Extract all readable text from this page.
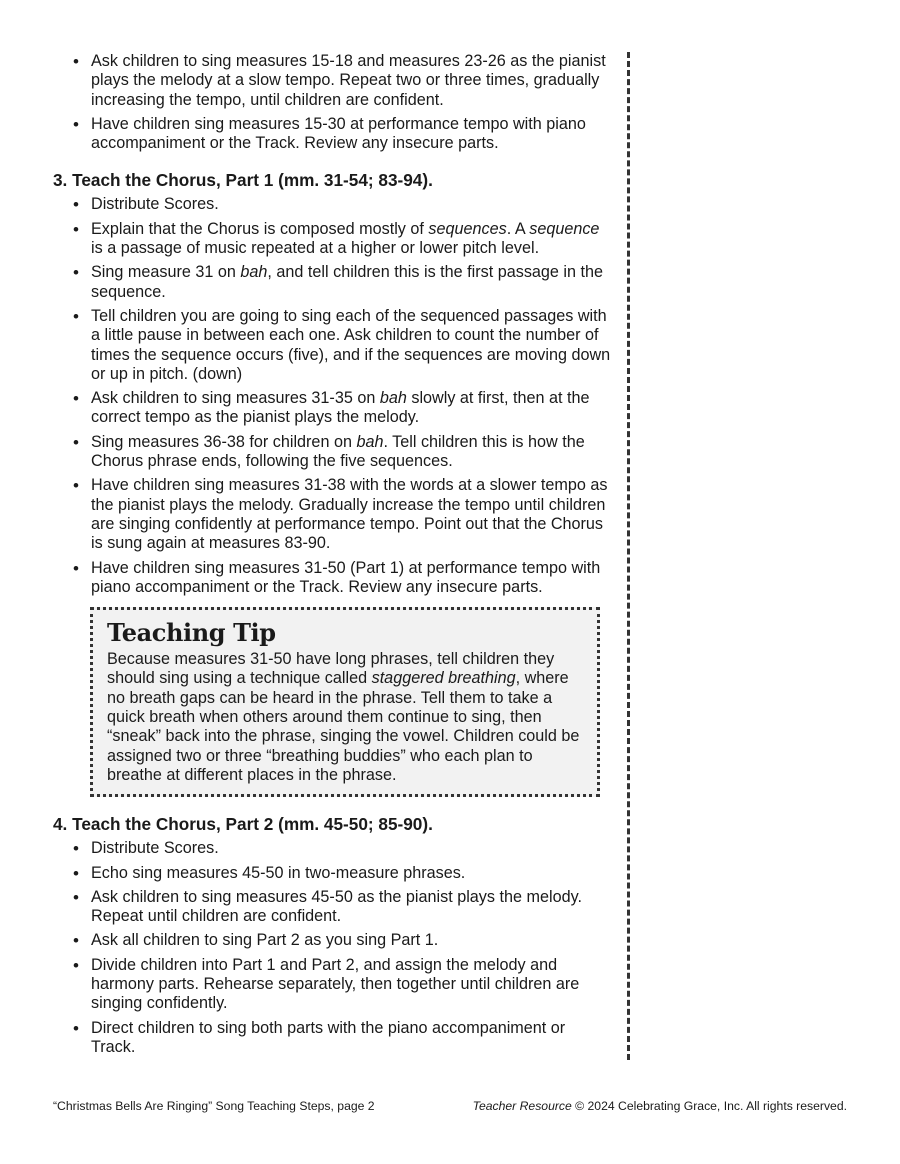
• Ask children to sing measures 15-18 and measures 23-26 as the pianist plays the melody at a slow tempo. Repeat two or three times, gradually increasing the tempo, until children are confident.
• Have children sing measures 15-30 at performance tempo with piano accompaniment or the Track. Review any insecure parts.
3. Teach the Chorus, Part 1 (mm. 31-54; 83-94).
• Distribute Scores.
• Explain that the Chorus is composed mostly of sequences. A sequence is a passage of music repeated at a higher or lower pitch level.
• Sing measure 31 on bah, and tell children this is the first passage in the sequence.
• Tell children you are going to sing each of the sequenced passages with a little pause in between each one. Ask children to count the number of times the sequence occurs (five), and if the sequences are moving down or up in pitch. (down)
• Ask children to sing measures 31-35 on bah slowly at first, then at the correct tempo as the pianist plays the melody.
• Sing measures 36-38 for children on bah. Tell children this is how the Chorus phrase ends, following the five sequences.
• Have children sing measures 31-38 with the words at a slower tempo as the pianist plays the melody. Gradually increase the tempo until children are singing confidently at performance tempo. Point out that the Chorus is sung again at measures 83-90.
• Have children sing measures 31-50 (Part 1) at performance tempo with piano accompaniment or the Track. Review any insecure parts.
Teaching Tip

Because measures 31-50 have long phrases, tell children they should sing using a technique called staggered breathing, where no breath gaps can be heard in the phrase. Tell them to take a quick breath when others around them continue to sing, then “sneak” back into the phrase, singing the vowel. Children could be assigned two or three “breathing buddies” who each plan to breathe at different places in the phrase.

4. Teach the Chorus, Part 2 (mm. 45-50; 85-90).
• Distribute Scores.
• Echo sing measures 45-50 in two-measure phrases.
• Ask children to sing measures 45-50 as the pianist plays the melody. Repeat until children are confident.
• Ask all children to sing Part 2 as you sing Part 1.
• Divide children into Part 1 and Part 2, and assign the melody and harmony parts. Rehearse separately, then together until children are singing confidently.
• Direct children to sing both parts with the piano accompaniment or Track.
“Christmas Bells Are Ringing” Song Teaching Steps, page 2	Teacher Resource © 2024 Celebrating Grace, Inc. All rights reserved.
